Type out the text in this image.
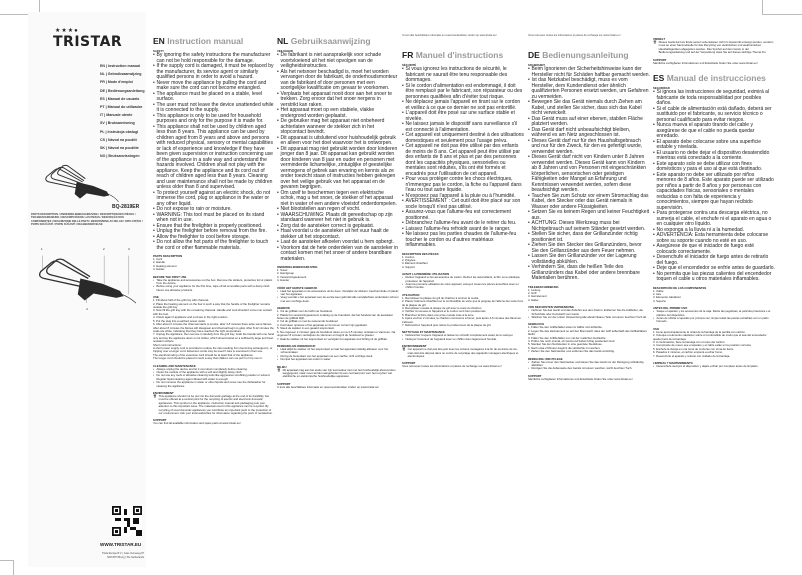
★★★●
TRISTAR
EN | Instruction manual
NL | Gebruiksaanwijzing
FR | Mode d'emploi
DE | Bedienungsanleitung
ES | Manual de usuario
PT | Manual do utilizador
IT | Manuale utente
SV | Bruksanvisning
PL | Instrukcja obsługi
CS | Návod na použití
SK | Návod na použitie
NO | Bruksanvisningen
BQ-2819ER
PARTS DESCRIPTION / ONDERDELENBESCHRIJVING / DESCRIPTION DES PIÈCES / TEILEBESCHREIBUNG / DESCRIPCIÓN DE LAS PIEZAS / DESCRIÇÃO DOS COMPONENTES / DESCRIZIONE DELLE PARTI / BESKRIVNING AV DELAR / OPIS CZĘŚCI / POPIS SOUČÁSTÍ / POPIS SÚČASTÍ / DELEBESKRIVELSE
1	2	3
4
WWW.TRISTAR.EU
Tristar Europe B.V. | Jules Verneweg 87
5015 BH Tilburg | The Netherlands
EN Instruction manual
SAFETY
• By ignoring the safety instructions the manufacturer can not be hold responsible for the damage.
• If the supply cord is damaged, it must be replaced by the manufacturer, its service agent or similarly qualified persons in order to avoid a hazard.
• Never move the appliance by pulling the cord and make sure the cord can not become entangled.
• The appliance must be placed on a stable, level surface.
• The user must not leave the device unattended while it is connected to the supply.
• This appliance is only to be used for household purposes and only for the purpose it is made for.
• This appliance shall not be used by children aged less than 8 years. This appliance can be used by children aged from 8 years and above and persons with reduced physical, sensory or mental capabilities or lack of experience and knowledge if they have been given supervision or instruction concerning use of the appliance in a safe way and understand the hazards involved. Children shall not play with the appliance. Keep the appliance and its cord out of reach of children aged less than 8 years. Cleaning and user maintenance shall not be made by children unless older than 8 and supervised.
• To protect yourself against an electric shock, do not immerse the cord, plug or appliance in the water or any other liquid.
• Do not expose to rain or moisture.
• WARNING: This tool must be placed on its stand when not in use.
• Ensure that the firelighter is properly positioned.
• Unplug the firelighter before removal from the fire.
• Allow the firelighter to cool before storage.
• Do not allow the hot parts of the firelighter to touch the cord or other flammable materials.
PARTS DESCRIPTION
1. Cord
2. Handle
3. Heating element
4. Holder
BEFORE THE FIRST USE
• Take the appliance and accessories out the box. Remove the stickers, protective foil or plastic from the device.
• Before using your appliance for the first time, wipe off all removable parts with a damp cloth. Never use abrasive products.
USE
1. Fill about half of the grill tray with charcoal.
2. Place the heating element on the fuel in such a way that the handle of the firelighter remains outside the grill tray.
3. Now fill the grill tray with the remaining charcoal. Handle and cord shouldn't come into contact with the fuel.
4. Check again if appliance and cord are in the right position.
5. Put the plug into a earthed power outlet.
6. After about 2 minutes the charcoal starts to smoke, after 4-5 minutes there arise some flames. After about 8 minutes the flames will disappear and charcoal begin to glow. After 8-12 minutes the coals are white, indicating that they have reached the right temperature.
7. Unplug the appliance, then remove it carefully from the grill tray. Grab the handle with one hand only and lay the appliance down on its holder, which should stand on a sufficiently large and heat-resistant surface.
Short cord instructions:
A short power supply cord is provided to reduce the risk resulting from becoming entangled in, or tripping over a longer cord. Extension cords may be used if care is exercised in their use.
The electrical rating of the extension cord should be at least that of the appliance.
The longer cord should be placed in such a way that children can not pull it or trip over it.
CLEANING AND MAINTENANCE
• Always unplug the device and let it cool down completely before cleaning.
• Clean the outside of the appliance with a soft and slightly damp cloth.
• Do not use any tools or abrasive cleaning tools like aggressive scrubbing powder or solvent. Regular liquid cleaning agent diluted with water is enough.
• Do not immerse the appliance in water or other liquids and never use the dishwasher for cleaning the appliance.
ENVIRONMENT
🗑 This appliance should not be put into the domestic garbage at the end of its durability, but must be offered at a central point for the recycling of electric and electronic domestic appliances. This symbol on the appliance, instruction manual and packaging puts your attention to this important issue. The materials used in this appliance can be recycled. By recycling of used domestic appliances you contribute an important push to the protection of our environment. Ask your local authorities for information regarding the point of recollection.
SUPPORT

You can find all available information and spare parts at www.tristar.eu!

NL Gebruiksaanwijzing
VEILIGHEID
• De fabrikant is niet aansprakelijk voor schade voortvloeiend uit het niet opvolgen van de veiligheidsinstructies.
• Als het netsnoer beschadigd is, moet het worden vervangen door de fabrikant, de onderhoudsmonteur van de fabrikant of door personen met een soortgelijke kwalificatie om gevaar te voorkomen.
• Verplaats het apparaat nooit door aan het snoer te trekken. Zorg ervoor dat het snoer nergens in verstrikt kan raken.
• Het apparaat moet op een stabiele, vlakke ondergrond worden geplaatst.
• De gebruiker mag het apparaat niet onbeheerd achterlaten wanneer de stekker zich in het stopcontact bevindt.
• Dit apparaat is uitsluitend voor huishoudelijk gebruik en alleen voor het doel waarvoor het is ontworpen.
• Dit apparaat mag niet gebruikt worden door kinderen jonger dan 8 jaar. Dit apparaat kan gebruikt worden door kinderen van 8 jaar en ouder en personen met verminderde lichamelijke, zintuiglijke of geestelijke vermogens of gebrek aan ervaring en kennis als ze onder toezicht staan of instructies hebben gekregen over het veilige gebruik van het apparaat en de gevaren begrijpen.
• Om uzelf te beschermen tegen een elektrische schok, mag u het snoer, de stekker of het apparaat niet in water of een andere vloeistof onderdompelen.
• Niet blootstellen aan regen of vocht.
• WAARSCHUWING: Plaats dit gereedschap op zijn standaard wanneer het niet in gebruik is.
• Zorg dat de aansteker correct is geplaatst.
• Haal voordat u de aansteker uit het vuur haalt de stekker uit het stopcontact.
• Laat de aansteker afkoelen voordat u hem opbergt.
• Voorkom dat de hete onderdelen van de aansteker in contact komen met het snoer of andere brandbare materialen.
ONDERDELENBESCHRIJVING
1. Snoer
2. Handgreep
3. Verwarmingselement
4. Houder
VÓÓR HET EERSTE GEBRUIK
• Haal het apparaat en de accessoires uit de doos. Verwijder de stickers, beschermfolie of plastic van het apparaat.
• Veeg voordat u het apparaat voor de eerste keer gebruikt alle verwijderbare onderdelen schoon met een vochtige doek.
GEBRUIK
1. Vul de grillbak voor de helft met houtskool.
2. Plaats het verwarmingselement zodanig op de brandstof, dat het handvat van de aansteker buiten de grillbak blijft.
3. Vul de grillbak nu met de resterende houtskool.
4. Controleer opnieuw of het apparaat en het snoer correct zijn geplaatst.
5. Steek de stekker in een geaard stopcontact.
6. Na ongeveer 2 minuten gaat de houtskool roken en na 4-5 minuten ontstaan er vlammen. Na ongeveer 8 minuten verdwijnen de vlammen en begint de houtskool te gloeien.
7. Haal de stekker uit het stopcontact en verwijder het apparaat voorzichtig uit de grillbak.
REINIGING EN ONDERHOUD
• Haal altijd de stekker uit het stopcontact en laat het apparaat volledig afkoelen voor het schoonmaken.
• Reinig de buitenkant van het apparaat met een zachte, licht vochtige doek.
• Dompel het apparaat niet onder in water.
MILIEU
🗑 Dit apparaat mag aan het einde van zijn levensduur niet met het huishoudelijk afval worden weggegooid, maar moet worden aangeboden bij een centraal punt voor het recyclen van elektrische en elektronische huishoudelijke apparaten.
SUPPORT

U kunt alle beschikbare informatie en reserveonderdelen vinden op www.tristar.eu!

U kunt alle beschikbare informatie en reserveonderdelen vinden op www.tristar.eu!
FR Manuel d'instructions
SÉCURITÉ
• Si vous ignorez les instructions de sécurité, le fabricant ne saurait être tenu responsable des dommages.
• Si le cordon d'alimentation est endommagé, il doit être remplacé par le fabricant, son réparateur ou des personnes qualifiées afin d'éviter tout risque.
• Ne déplacez jamais l'appareil en tirant sur le cordon et veillez à ce que ce dernier ne soit pas entortillé.
• L'appareil doit être posé sur une surface stable et nivelée.
• Ne laissez jamais le dispositif sans surveillance s'il est connecté à l'alimentation.
• Cet appareil est uniquement destiné à des utilisations domestiques et seulement pour l'usage prévu.
• Cet appareil ne doit pas être utilisé par des enfants de moins de 8 ans. Cet appareil peut être utilisé par des enfants de 8 ans et plus et par des personnes dont les capacités physiques, sensorielles ou mentales sont réduites, s'ils ont été formés et encadrés pour l'utilisation de cet appareil.
• Pour vous protéger contre les chocs électriques, n'immergez pas le cordon, la fiche ou l'appareil dans l'eau ou tout autre liquide.
• N'exposez pas l'appareil à la pluie ou à l'humidité.
• AVERTISSEMENT : Cet outil doit être placé sur son socle lorsqu'il n'est pas utilisé.
• Assurez-vous que l'allume-feu est correctement positionné.
• Débranchez l'allume-feu avant de le retirer du feu.
• Laissez l'allume-feu refroidir avant de le ranger.
• Ne laissez pas les parties chaudes de l'allume-feu toucher le cordon ou d'autres matériaux inflammables.
DESCRIPTION DES PIÈCES
1. Cordon
2. Poignée
3. Élément chauffant
4. Support
AVANT LA PREMIÈRE UTILISATION
• Retirez l'appareil et les accessoires du carton. Retirez les autocollants, le film ou le plastique protecteur de l'appareil.
• Avant la première utilisation de votre appareil, essuyez toutes les pièces amovibles avec un chiffon humide.
UTILISATION
1. Remplissez la plaque du gril de charbon à environ la moitié.
2. Placez l'élément chauffant sur le combustible de sorte que la poignée de l'allume-feu reste hors de la plaque de gril.
3. Remplissez ensuite la plaque de gril avec le reste du charbon.
4. Vérifiez à nouveau si l'appareil et le cordon sont bien positionnés.
5. Branchez la fiche dans une prise murale mise à la terre.
6. Après environ 2 minutes, le charbon commence à fumer, puis après 4-5 minutes des flammes s'élèvent.
7. Débranchez l'appareil puis retirez-le prudemment de la plaque de gril.
NETTOYAGE ET MAINTENANCE
• Débranchez toujours l'appareil et laissez-le refroidir complètement avant de le nettoyer.
• Nettoyez l'extérieur de l'appareil avec un chiffon doux légèrement humide.
ENVIRONNEMENT
🗑 Cet appareil ne doit pas être jeté avec les ordures ménagères à la fin de sa durée de vie, mais doit être déposé dans un centre de recyclage des appareils ménagers électriques et électroniques.
SUPPORT

Vous retrouvez toutes les informations et pièces de rechange sur www.tristar.eu !

Vous retrouvez toutes les informations et pièces de rechange sur www.tristar.eu !
DE Bedienungsanleitung
SICHERHEIT
• Beim Ignorieren der Sicherheitshinweise kann der Hersteller nicht für Schäden haftbar gemacht werden.
• Ist das Netzkabel beschädigt, muss es vom Hersteller, dem Kundendienst oder ähnlich qualifizierten Personen ersetzt werden, um Gefahren zu vermeiden.
• Bewegen Sie das Gerät niemals durch Ziehen am Kabel, und stellen Sie sicher, dass sich das Kabel nicht verwickelt.
• Das Gerät muss auf einer ebenen, stabilen Fläche platziert werden.
• Das Gerät darf nicht unbeaufsichtigt bleiben, während es am Netz angeschlossen ist.
• Dieses Gerät darf nur für den Haushaltsgebrauch und nur für den Zweck, für den es gefertigt wurde, verwendet werden.
• Dieses Gerät darf nicht von Kindern unter 8 Jahren verwendet werden. Dieses Gerät kann von Kindern ab 8 Jahren und von Personen mit eingeschränkten körperlichen, sensorischen oder geistigen Fähigkeiten oder Mangel an Erfahrung und Kenntnissen verwendet werden, sofern diese beaufsichtigt werden.
• Tauchen Sie zum Schutz vor einem Stromschlag das Kabel, den Stecker oder das Gerät niemals in Wasser oder andere Flüssigkeiten.
• Setzen Sie es keinem Regen und keiner Feuchtigkeit aus.
• ACHTUNG: Dieses Werkzeug muss bei Nichtgebrauch auf seinem Ständer gesetzt werden.
• Stellen Sie sicher, dass der Grillanzünder richtig positioniert ist.
• Ziehen Sie den Stecker des Grillanzünders, bevor Sie den Grillanzünder aus dem Feuer nehmen.
• Lassen Sie den Grillanzünder vor der Lagerung vollständig abkühlen.
• Verhindern Sie, dass die heißen Teile des Grillanzünders das Kabel oder andere brennbare Materialien berühren.
TEILEBESCHREIBUNG
1. Leitung
2. Griff
3. Heizelement
4. Halter
VOR DER ERSTEN VERWENDUNG
• Nehmen Sie das Gerät und das Zubehör aus dem Karton. Entfernen Sie die Aufkleber, die Schutzfolie oder Kunststoff vom Gerät.
• Wischen Sie vor der ersten Verwendung alle abnehmbaren Teile mit einem feuchten Tuch ab.
GEBRAUCH
1. Füllen Sie den Grillbehälter etwa zur Hälfte mit Holzkohle.
2. Legen Sie das Heizelement so auf den Brennstoff, dass der Griff außerhalb des Grillbehälters bleibt.
3. Füllen Sie den Grillbehälter nun mit der restlichen Holzkohle.
4. Prüfen Sie noch einmal, ob Gerät und Kabel richtig positioniert sind.
5. Stecken Sie den Netzstecker in eine geerdete Steckdose.
6. Nach etwa 2 Minuten beginnt die Holzkohle zu rauchen.
7. Ziehen Sie den Netzstecker und entfernen Sie das Gerät vorsichtig.
REINIGUNG UND PFLEGE
• Ziehen Sie immer den Netzstecker und lassen Sie das Gerät vor der Reinigung vollständig abkühlen.
• Reinigen Sie die Außenseite des Geräts mit einem weichen, leicht feuchten Tuch.
SUPPORT

Sämtliche verfügbaren Informationen und Ersatzteile finden Sie unter www.tristar.eu!

UMWELT
🗑 Dieses Gerät darf am Ende seiner Lebensdauer nicht im Hausmüll entsorgt werden, sondern muss an einer Sammelstelle für das Recycling von elektrischen und elektronischen Haushaltsgeräten abgegeben werden. Das Symbol auf dem Gerät, in der Bedienungsanleitung und auf der Verpackung weist Sie auf dieses wichtige Thema hin.
SUPPORT

Sämtliche verfügbaren Informationen und Ersatzteile finden Sie unter www.tristar.eu!

ES Manual de instrucciones
SEGURIDAD
• Si ignora las instrucciones de seguridad, eximirá al fabricante de toda responsabilidad por posibles daños.
• Si el cable de alimentación está dañado, deberá ser sustituido por el fabricante, su servicio técnico o personal cualificado para evitar riesgos.
• Nunca mueva el aparato tirando del cable y asegúrese de que el cable no pueda quedar enredado.
• El aparato debe colocarse sobre una superficie estable y nivelada.
• El usuario no debe dejar el dispositivo desatendido mientras está conectado a la corriente.
• Este aparato solo se debe utilizar con fines domésticos y para el uso al que está destinado.
• Este aparato no debe ser utilizado por niños menores de 8 años. Este aparato puede ser utilizado por niños a partir de 8 años y por personas con capacidades físicas, sensoriales o mentales reducidas o con falta de experiencia y conocimientos, siempre que hayan recibido supervisión.
• Para protegerse contra una descarga eléctrica, no sumerja el cable, el enchufe ni el aparato en agua o en cualquier otro líquido.
• No exponga a la lluvia ni a la humedad.
• ADVERTENCIA: Esta herramienta debe colocarse sobre su soporte cuando no esté en uso.
• Asegúrese de que el iniciador de fuego esté colocado correctamente.
• Desenchufe el iniciador de fuego antes de retirarlo del fuego.
• Deje que el encendedor se enfríe antes de guardarlo.
• No permita que las piezas calientes del encendedor toquen el cable u otros materiales inflamables.
DESCRIPCIÓN DE LOS COMPONENTES
1. Cable
2. Asa
3. Elemento calefactor
4. Soporte
ANTES DEL PRIMER USO
• Saque el aparato y los accesorios de la caja. Retire las pegatinas, la película protectora o el plástico del dispositivo.
• Antes de utilizar el aparato por primera vez, limpie todas las piezas extraíbles con un paño húmedo.
USO
1. Llene aproximadamente la mitad de la bandeja de la parrilla con carbón.
2. Coloque el elemento calefactor sobre el combustible de modo que el asa del encendedor quede fuera de la bandeja.
3. A continuación, llene la bandeja con el resto del carbón.
4. Compruebe de nuevo que el aparato y el cable están en la posición correcta.
5. Enchufe la clavija en una toma de corriente con toma de tierra.
6. Pasados 2 minutos, el carbón empieza a echar humo.
7. Desenchufe el aparato y retírelo con cuidado de la bandeja.
LIMPIEZA Y MANTENIMIENTO
• Desenchufe siempre el dispositivo y déjelo enfriar por completo antes de limpiarlo.
